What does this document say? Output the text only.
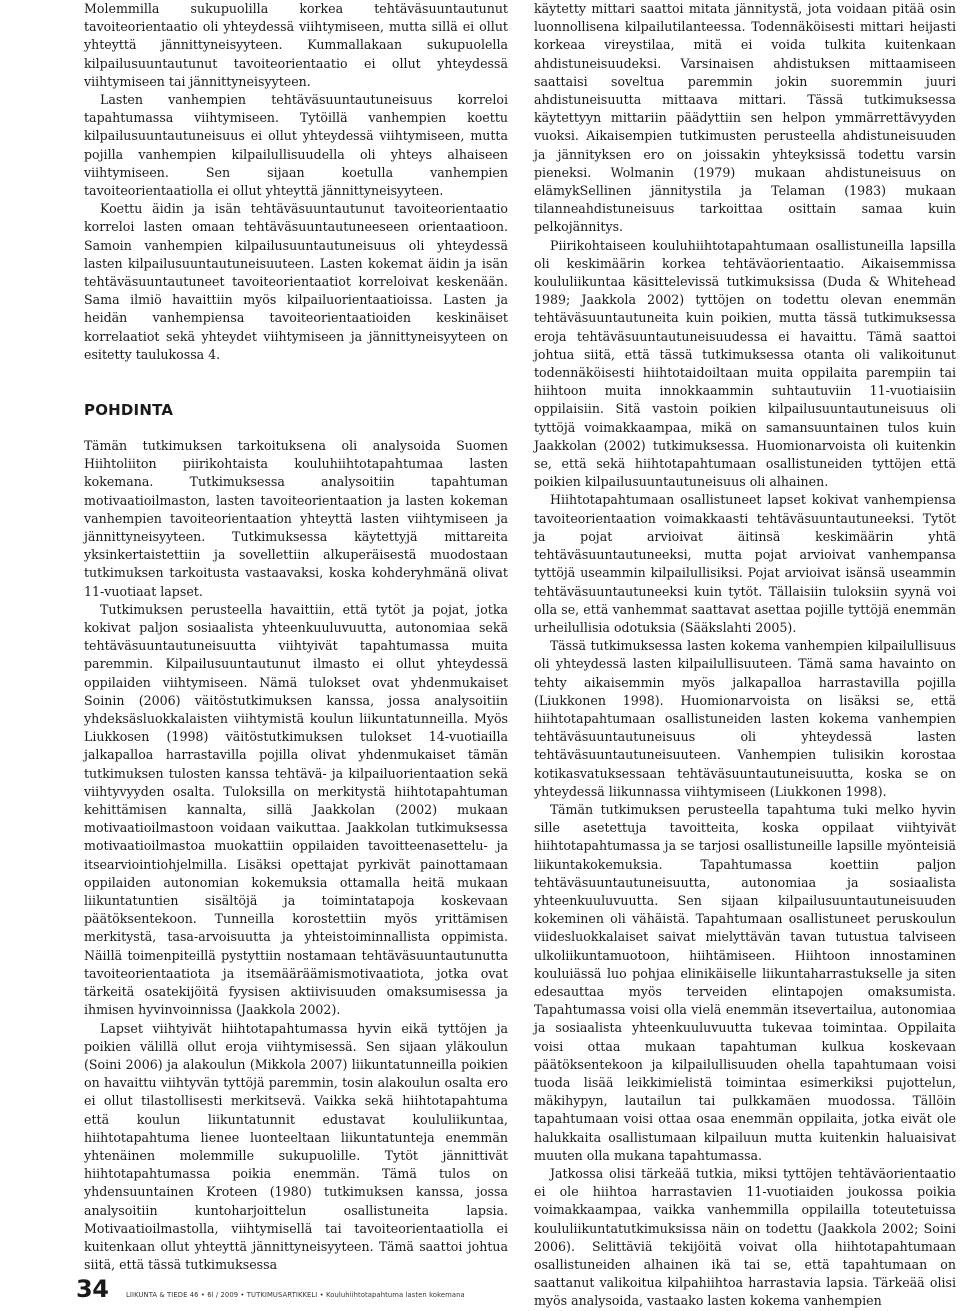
Molemmilla sukupuolilla korkea tehtäväsuuntautunut tavoiteorientaatio oli yhteydessä viihtymiseen, mutta sillä ei ollut yhteyttä jännittyneisyyteen. Kummallakaan sukupuolella kilpailusuuntautunut tavoiteorientaatio ei ollut yhteydessä viihtymiseen tai jännittyneisyyteen.

Lasten vanhempien tehtäväsuuntautuneisuus korreloi tapahtumassa viihtymiseen. Tytöillä vanhempien koettu kilpailusuuntautuneisuus ei ollut yhteydessä viihtymiseen, mutta pojilla vanhempien kilpailullisuudella oli yhteys alhaiseen viihtymiseen. Sen sijaan koetulla vanhempien tavoiteorientaatiolla ei ollut yhteyttä jännittyneisyyteen.

Koettu äidin ja isän tehtäväsuuntautunut tavoiteorientaatio korreloi lasten omaan tehtäväsuuntautuneeseen orientaatioon. Samoin vanhempien kilpailusuuntautuneisuus oli yhteydessä lasten kilpailusuuntautuneisuuteen. Lasten kokemat äidin ja isän tehtäväsuuntautuneet tavoiteorientaatiot korreloivat keskenään. Sama ilmiö havaittiin myös kilpailuorientaatioissa. Lasten ja heidän vanhempiensa tavoiteorientaatioiden keskinäiset korrelaatiot sekä yhteydet viihtymiseen ja jännittyneisyyteen on esitetty taulukossa 4.

POHDINTA

Tämän tutkimuksen tarkoituksena oli analysoida Suomen Hiihtoliiton piirikohtaista kouluhiihtotapahtumaa lasten kokemana. Tutkimuksessa analysoitiin tapahtuman motivaatioilmaston, lasten tavoiteorientaation ja lasten kokeman vanhempien tavoiteorientaation yhteyttä lasten viihtymiseen ja jännittyneisyyteen. Tutkimuksessa käytettyjä mittareita yksinkertaistettiin ja sovellettiin alkuperäisestä muodostaan tutkimuksen tarkoitusta vastaavaksi, koska kohderyhmänä olivat 11-vuotiaat lapset.

Tutkimuksen perusteella havaittiin, että tytöt ja pojat, jotka kokivat paljon sosiaalista yhteenkuuluvuutta, autonomiaa sekä tehtäväsuuntautuneisuutta viihtyivät tapahtumassa muita paremmin. Kilpailusuuntautunut ilmasto ei ollut yhteydessä oppilaiden viihtymiseen. Nämä tulokset ovat yhdenmukaiset Soinin (2006) väitöstutkimuksen kanssa, jossa analysoitiin yhdeksäsluokkalaisten viihtymistä koulun liikuntatunneilla. Myös Liukkosen (1998) väitöstutkimuksen tulokset 14-vuotiailla jalkapalloa harrastavilla pojilla olivat yhdenmukaiset tämän tutkimuksen tulosten kanssa tehtävä- ja kilpailuorientaation sekä viihtyvyyden osalta. Tuloksilla on merkitystä hiihtotapahtuman kehittämisen kannalta, sillä Jaakkolan (2002) mukaan motivaatioilmastoon voidaan vaikuttaa. Jaakkolan tutkimuksessa motivaatioilmastoa muokattiin oppilaiden tavoitteenasettelu- ja itsearviointiohjelmilla. Lisäksi opettajat pyrkivät painottamaan oppilaiden autonomian kokemuksia ottamalla heitä mukaan liikuntatuntien sisältöjä ja toimintatapoja koskevaan päätöksentekoon. Tunneilla korostettiin myös yrittämisen merkitystä, tasa-arvoisuutta ja yhteistoiminnallista oppimista. Näillä toimenpiteillä pystyttiin nostamaan tehtäväsuuntautunutta tavoiteorientaatiota ja itsemääräämismotivaatiota, jotka ovat tärkeitä osatekijöitä fyysisen aktiivisuuden omaksumisessa ja ihmisen hyvinvoinnissa (Jaakkola 2002).

Lapset viihtyivät hiihtotapahtumassa hyvin eikä tyttöjen ja poikien välillä ollut eroja viihtymisessä. Sen sijaan yläkoulun (Soini 2006) ja alakoulun (Mikkola 2007) liikuntatunneilla poikien on havaittu viihtyvän tyttöjä paremmin, tosin alakoulun osalta ero ei ollut tilastollisesti merkitsevä. Vaikka sekä hiihtotapahtuma että koulun liikuntatunnit edustavat koululiikuntaa, hiihtotapahtuma lienee luonteeltaan liikuntatunteja enemmän yhtenäinen molemmille sukupuolille. Tytöt jännittivät hiihtotapahtumassa poikia enemmän. Tämä tulos on yhdensuuntainen Kroteen (1980) tutkimuksen kanssa, jossa analysoitiin kuntoharjoittelun osallistuneita lapsia. Motivaatioilmastolla, viihtymisellä tai tavoiteorientaatiolla ei kuitenkaan ollut yhteyttä jännittyneisyyteen. Tämä saattoi johtua siitä, että tässä tutkimuksessa

käytetty mittari saattoi mitata jännitystä, jota voidaan pitää osin luonnollisena kilpailutilanteessa. Todennäköisesti mittari heijasti korkeaa vireystilaa, mitä ei voida tulkita kuitenkaan ahdistuneisuudeksi. Varsinaisen ahdistuksen mittaamiseen saattaisi soveltua paremmin jokin suoremmin juuri ahdistuneisuutta mittaava mittari. Tässä tutkimuksessa käytettyyn mittariin päädyttiin sen helpon ymmärrettävyyden vuoksi. Aikaisempien tutkimusten perusteella ahdistuneisuuden ja jännityksen ero on joissakin yhteyksissä todettu varsin pieneksi. Wolmanin (1979) mukaan ahdistuneisuus on elämykSellinen jännitystila ja Telaman (1983) mukaan tilanneahdistuneisuus tarkoittaa osittain samaa kuin pelkojännitys.

Piirikohtaiseen kouluhiihtotapahtumaan osallistuneilla lapsilla oli keskimäärin korkea tehtäväorientaatio. Aikaisemmissa koululiikuntaa käsittelevissä tutkimuksissa (Duda & Whitehead 1989; Jaakkola 2002) tyttöjen on todettu olevan enemmän tehtäväsuuntautuneita kuin poikien, mutta tässä tutkimuksessa eroja tehtäväsuuntautuneisuudessa ei havaittu. Tämä saattoi johtua siitä, että tässä tutkimuksessa otanta oli valikoitunut todennäköisesti hiihtotaidoiltaan muita oppilaita parempiin tai hiihtoon muita innokkaammin suhtautuviin 11-vuotiaisiin oppilaisiin. Sitä vastoin poikien kilpailusuuntautuneisuus oli tyttöjä voimakkaampaa, mikä on samansuuntainen tulos kuin Jaakkolan (2002) tutkimuksessa. Huomionarvoista oli kuitenkin se, että sekä hiihtotapahtumaan osallistuneiden tyttöjen että poikien kilpailusuuntautuneisuus oli alhainen.

Hiihtotapahtumaan osallistuneet lapset kokivat vanhempiensa tavoiteorientaation voimakkaasti tehtäväsuuntautuneeksi. Tytöt ja pojat arvioivat äitinsä keskimäärin yhtä tehtäväsuuntautuneeksi, mutta pojat arvioivat vanhempansa tyttöjä useammin kilpailullisiksi. Pojat arvioivat isänsä useammin tehtäväsuuntautuneeksi kuin tytöt. Tällaisiin tuloksiin syynä voi olla se, että vanhemmat saattavat asettaa pojille tyttöjä enemmän urheilullisia odotuksia (Sääkslahti 2005).

Tässä tutkimuksessa lasten kokema vanhempien kilpailullisuus oli yhteydessä lasten kilpailullisuuteen. Tämä sama havainto on tehty aikaisemmin myös jalkapalloa harrastavilla pojilla (Liukkonen 1998). Huomionarvoista on lisäksi se, että hiihtotapahtumaan osallistuneiden lasten kokema vanhempien tehtäväsuuntautuneisuus oli yhteydessä lasten tehtäväsuuntautuneisuuteen. Vanhempien tulisikin korostaa kotikasvatuksessaan tehtäväsuuntautuneisuutta, koska se on yhteydessä liikunnassa viihtymiseen (Liukkonen 1998).

Tämän tutkimuksen perusteella tapahtuma tuki melko hyvin sille asetettuja tavoitteita, koska oppilaat viihtyivät hiihtotapahtumassa ja se tarjosi osallistuneille lapsille myönteisiä liikuntakokemuksia. Tapahtumassa koettiin paljon tehtäväsuuntautuneisuutta, autonomiaa ja sosiaalista yhteenkuuluvuutta. Sen sijaan kilpailusuuntautuneisuuden kokeminen oli vähäistä. Tapahtumaan osallistuneet peruskoulun viidesluokkalaiset saivat mielyttävän tavan tutustua talviseen ulkoliikuntamuotoon, hiihtämiseen. Hiihtoon innostaminen kouluiässä luo pohjaa elinikäiselle liikuntaharrastukselle ja siten edesauttaa myös terveiden elintapojen omaksumista. Tapahtumassa voisi olla vielä enemmän itsevertailua, autonomiaa ja sosiaalista yhteenkuuluvuutta tukevaa toimintaa. Oppilaita voisi ottaa mukaan tapahtuman kulkua koskevaan päätöksentekoon ja kilpailullisuuden ohella tapahtumaan voisi tuoda lisää leikkimielistä toimintaa esimerkiksi pujottelun, mäkihypyn, lautailun tai pulkkamäen muodossa. Tällöin tapahtumaan voisi ottaa osaa enemmän oppilaita, jotka eivät ole halukkaita osallistumaan kilpailuun mutta kuitenkin haluaisivat muuten olla mukana tapahtumassa.

Jatkossa olisi tärkeää tutkia, miksi tyttöjen tehtäväorientaatio ei ole hiihtoa harrastavien 11-vuotiaiden joukossa poikia voimakkaampaa, vaikka vanhemmilla oppilailla toteutetuissa koululiikuntatutkimuksissa näin on todettu (Jaakkola 2002; Soini 2006). Selittäviä tekijöitä voivat olla hiihtotapahtumaan osallistuneiden alhainen ikä tai se, että tapahtumaan on saattanut valikoitua kilpahiihtoa harrastavia lapsia. Tärkeää olisi myös analysoida, vastaako lasten kokema vanhempien

34 LIIKUNTA & TIEDE 46 • 6l / 2009 • TUTKIMUSARTIKKELI • Kouluhiihtotapahtuma lasten kokemana
